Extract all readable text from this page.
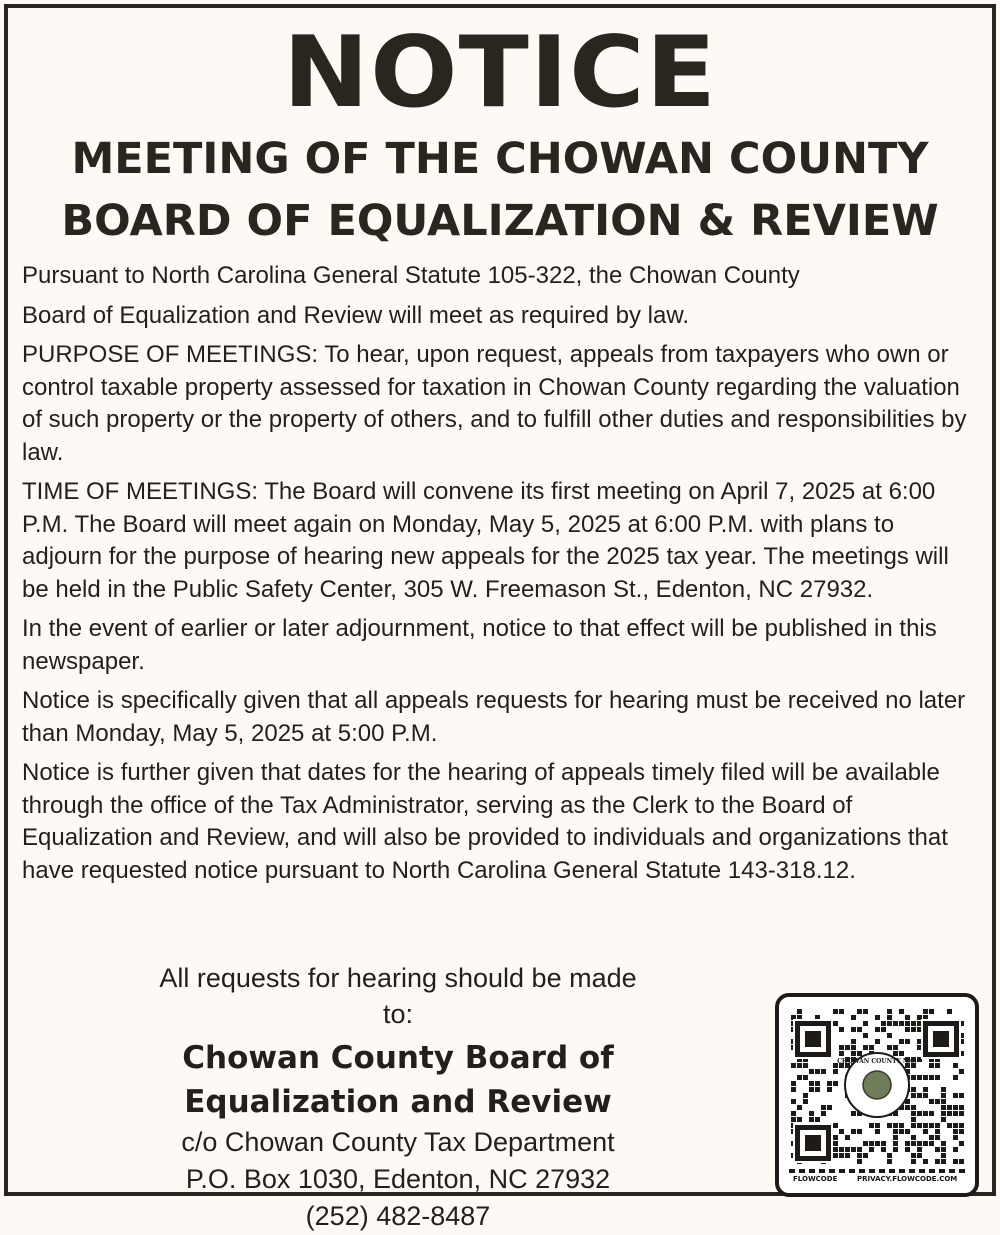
NOTICE
MEETING OF THE CHOWAN COUNTY
BOARD OF EQUALIZATION & REVIEW

Pursuant to North Carolina General Statute 105-322, the Chowan County

Board of Equalization and Review will meet as required by law.

PURPOSE OF MEETINGS: To hear, upon request, appeals from taxpayers who own or control taxable property assessed for taxation in Chowan County regarding the valuation of such property or the property of others, and to fulfill other duties and responsibilities by law.

TIME OF MEETINGS: The Board will convene its first meeting on April 7, 2025 at 6:00 P.M. The Board will meet again on Monday, May 5, 2025 at 6:00 P.M. with plans to adjourn for the purpose of hearing new appeals for the 2025 tax year. The meetings will be held in the Public Safety Center, 305 W. Freemason St., Edenton, NC 27932.

In the event of earlier or later adjournment, notice to that effect will be published in this newspaper.

Notice is specifically given that all appeals requests for hearing must be received no later than Monday, May 5, 2025 at 5:00 P.M.

Notice is further given that dates for the hearing of appeals timely filed will be available through the office of the Tax Administrator, serving as the Clerk to the Board of Equalization and Review, and will also be provided to individuals and organizations that have requested notice pursuant to North Carolina General Statute 143-318.12.

All requests for hearing should be made to:
Chowan County Board of
Equalization and Review
c/o Chowan County Tax Department
P.O. Box 1030, Edenton, NC 27932
(252) 482-8487
CHOWAN COUNTY N.C.
FLOWCODE	PRIVACY.FLOWCODE.COM
